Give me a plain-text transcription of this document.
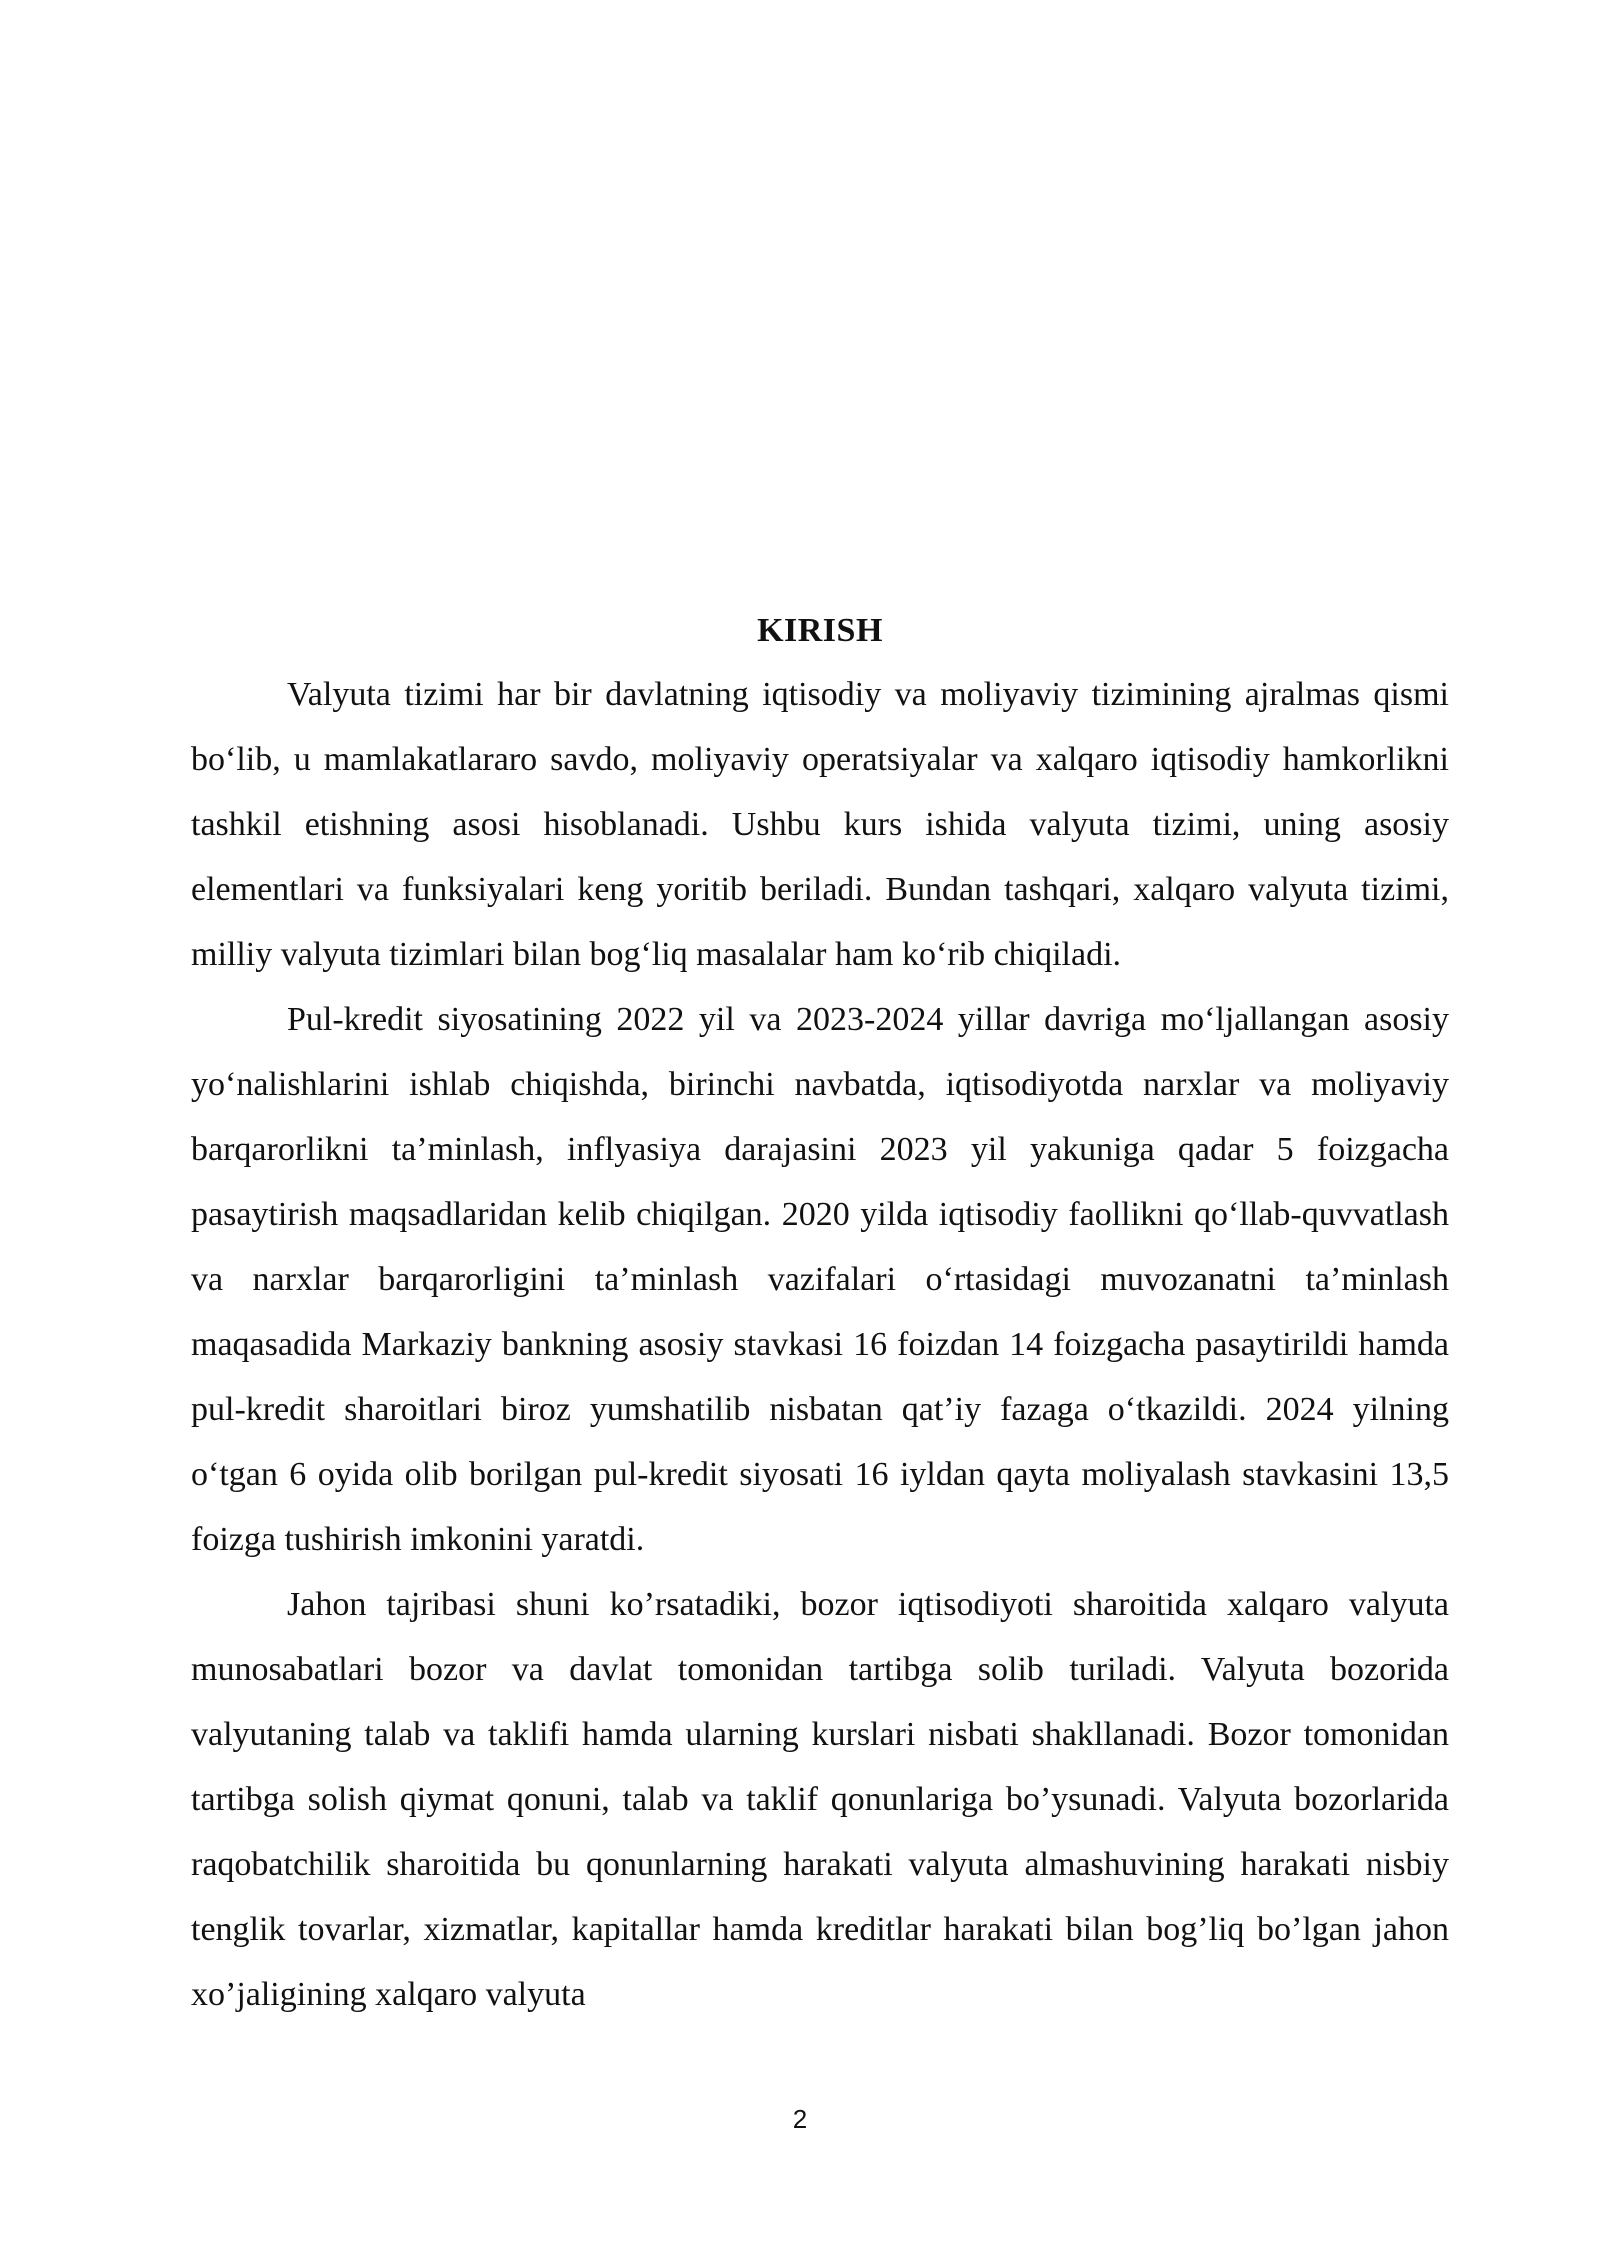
KIRISH

Valyuta tizimi har bir davlatning iqtisodiy va moliyaviy tizimining ajralmas qismi bo‘lib, u mamlakatlararo savdo, moliyaviy operatsiyalar va xalqaro iqtisodiy hamkorlikni tashkil etishning asosi hisoblanadi. Ushbu kurs ishida valyuta tizimi, uning asosiy elementlari va funksiyalari keng yoritib beriladi. Bundan tashqari, xalqaro valyuta tizimi, milliy valyuta tizimlari bilan bog‘liq masalalar ham ko‘rib chiqiladi.

Pul-kredit siyosatining 2022 yil va 2023-2024 yillar davriga mo‘ljallangan asosiy yo‘nalishlarini ishlab chiqishda, birinchi navbatda, iqtisodiyotda narxlar va moliyaviy barqarorlikni ta’minlash, inflyasiya darajasini 2023 yil yakuniga qadar 5 foizgacha pasaytirish maqsadlaridan kelib chiqilgan. 2020 yilda iqtisodiy faollikni qo‘llab-quvvatlash va narxlar barqarorligini ta’minlash vazifalari o‘rtasidagi muvozanatni ta’minlash maqasadida Markaziy bankning asosiy stavkasi 16 foizdan 14 foizgacha pasaytirildi hamda pul-kredit sharoitlari biroz yumshatilib nisbatan qat’iy fazaga o‘tkazildi. 2024 yilning o‘tgan 6 oyida olib borilgan pul-kredit siyosati 16 iyldan qayta moliyalash stavkasini 13,5 foizga tushirish imkonini yaratdi.

Jahon tajribasi shuni ko’rsatadiki, bozor iqtisodiyoti sharoitida xalqaro valyuta munosabatlari bozor va davlat tomonidan tartibga solib turiladi. Valyuta bozorida valyutaning talab va taklifi hamda ularning kurslari nisbati shakllanadi. Bozor tomonidan tartibga solish qiymat qonuni, talab va taklif qonunlariga bo’ysunadi. Valyuta bozorlarida raqobatchilik sharoitida bu qonunlarning harakati valyuta almashuvining harakati nisbiy tenglik tovarlar, xizmatlar, kapitallar hamda kreditlar harakati bilan bog’liq bo’lgan jahon xo’jaligining xalqaro valyuta

2
